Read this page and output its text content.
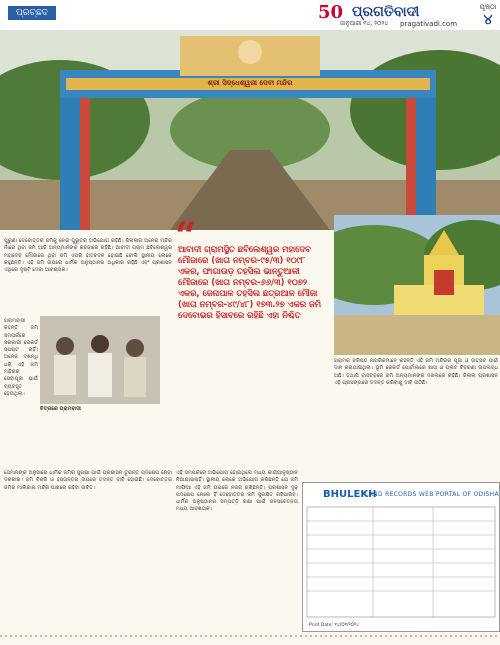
ପ୍ରଚ୍ଛଦ	50 ପ୍ରଗତିବାଦୀ
ଜାନୁଆରୀ ୧୪, ୨୦୨୪ pragativadi.com
ପୃଷ୍ଠା
୪
ଶ୍ରୀ ସିଦ୍ଧେଶ୍ୱରୀ ଦେବୀ ମନ୍ଦିର
ପୁରୁଣା ଦେବୋତ୍ତର ଜମିକୁ ନେଇ ଗୁରୁତର ଅଭିଯୋଗ ରହିଛି। ଜିଲ୍ଲାର ଅନେକ ମନ୍ଦିର ନାଁରେ ଥିବା ଜମି ଆଜି ଅନ୍ୟମାନଙ୍କ କବଜାରେ ରହିଛି। ଆବାଦୀ ଗ୍ରାମ ଛବିଲେଶ୍ୱର ମହାଦେବ ମୌଜାରେ ଥିବା ଜମି ଏପରି ହାତବଦଳ ହୋଇଛି ବୋଲି ସ୍ଥାନୀୟ ଲୋକେ କହୁଛନ୍ତି। ଏହି ଜମି ଉପରେ ଧାର୍ମିକ ଅନୁଷ୍ଠାନର ଅଧିକାର ରହିଛି ଏବଂ ପ୍ରଶାସନ ଏଥିରେ ଦୃଷ୍ଟି ଦେବା ଆବଶ୍ୟକ।
ଗ୍ରାମବାସୀ କହନ୍ତି ଜମି ସମ୍ପର୍କରେ ସରକାରୀ ରେକର୍ଡ ସ୍ପଷ୍ଟ ନାହିଁ। ଅନେକ ଦଶନ୍ଧି ଧରି ଏହି ଜମି ମନ୍ଦିରର ସେବାପୂଜା ପାଇଁ ବ୍ୟବହୃତ ହେଉଥିଲା।
ଚିତ୍ରରେ ଗ୍ରାମବାସୀ
ସେମାନଙ୍କ ଅନୁସାରେ ଧାର୍ମିକ ଜମିର ସୁରକ୍ଷା ପାଇଁ ପ୍ରଶାସନ ତୁରନ୍ତ ପଦକ୍ଷେପ ନେବା ଦରକାର। ଜମି ବିକ୍ରି ଓ ହସ୍ତାନ୍ତର ଉପରେ ତଦନ୍ତ ଦାବି ହୋଇଛି। ଦେବୋତ୍ତର ଜମିର ମାଲିକାନା ମନ୍ଦିର ପାଖରେ ରହିବା ଉଚିତ।
“
ଆବାଦୀ ଗ୍ରାମସ୍ଥିତ ଛବିଲେଶ୍ୱର ମହାଦେବ ମୌଜାରେ (ଖାତା ନମ୍ବର-୯୫/୩) ୧୦୯୮ ଏକର, ଫାଗାଉଡ଼ ତହସିଲ ଭାନ୍ତୁଆଳୀ ମୌଜାରେ (ଖାତା ନମ୍ବର-୬୬/୩) ୧୦୭୨ ଏକର, ଜେନାପାଳ ତହସିଲ ଛତ୍ରଆଳ ମୌଜା (ଖାତା ନମ୍ବର-୪୯/୪୮) ୧୭୩.୨୭ ଏକର ଜମି ଦେବୋଭର ହିସାବରେ ରହିଛି ଏହା ନିଶ୍ଚିତ
ଏହି ସମ୍ପର୍କରେ ଅଭିଯୋଗ ହୋଇଥିଲେ ମଧ୍ୟ କାର୍ଯ୍ୟାନୁଷ୍ଠାନ ନିଆଯାଇନାହିଁ। ସ୍ଥାନୀୟ ଲୋକେ ଅଭିଯୋଗ କରିଛନ୍ତି ଯେ ଜମି ମାଫିଆ ଏହି ଜମି ଉପରେ ନଜର ରଖିଛନ୍ତି। ପ୍ରଶାସନ ଦୃଢ଼ ପଦକ୍ଷେପ ନେଲେ ହିଁ ଦେବୋତ୍ତର ଜମି ସୁରକ୍ଷିତ ରହିପାରିବ। ଧାର୍ମିକ ଅନୁଷ୍ଠାନର ସମ୍ପତ୍ତି ରକ୍ଷା ପାଇଁ ଜନସଚେତନତା ମଧ୍ୟ ଆବଶ୍ୟକ।
ଗ୍ରାମର ବରିଷ୍ଠ ନାଗରିକମାନେ କହନ୍ତି ଏହି ଜମି ମନ୍ଦିରର ପୂଜା ଓ ଉତ୍ସବ ପାଇଁ ଦାନ କରାଯାଇଥିଲା। ଭୂମି ରେକର୍ଡ ପୋର୍ଟାଲରେ ଖାତା ଓ ପ୍ଲଟ ବିବରଣୀ ଉପଲବ୍ଧ ଅଛି। ତଥାପି ବାସ୍ତବରେ ଜମି ଅନ୍ୟମାନଙ୍କ ଦଖଲରେ ରହିଛି। ଜିଲ୍ଲା ପ୍ରଶାସନ ଏହି ପ୍ରସଙ୍ଗରେ ତଦନ୍ତ କରିବାକୁ ଦାବି ଉଠିଛି।
BHULEKH
LAND RECORDS WEB PORTAL OF ODISHA
Print Date: ୧୪/୦୧/୨୦୨୪
